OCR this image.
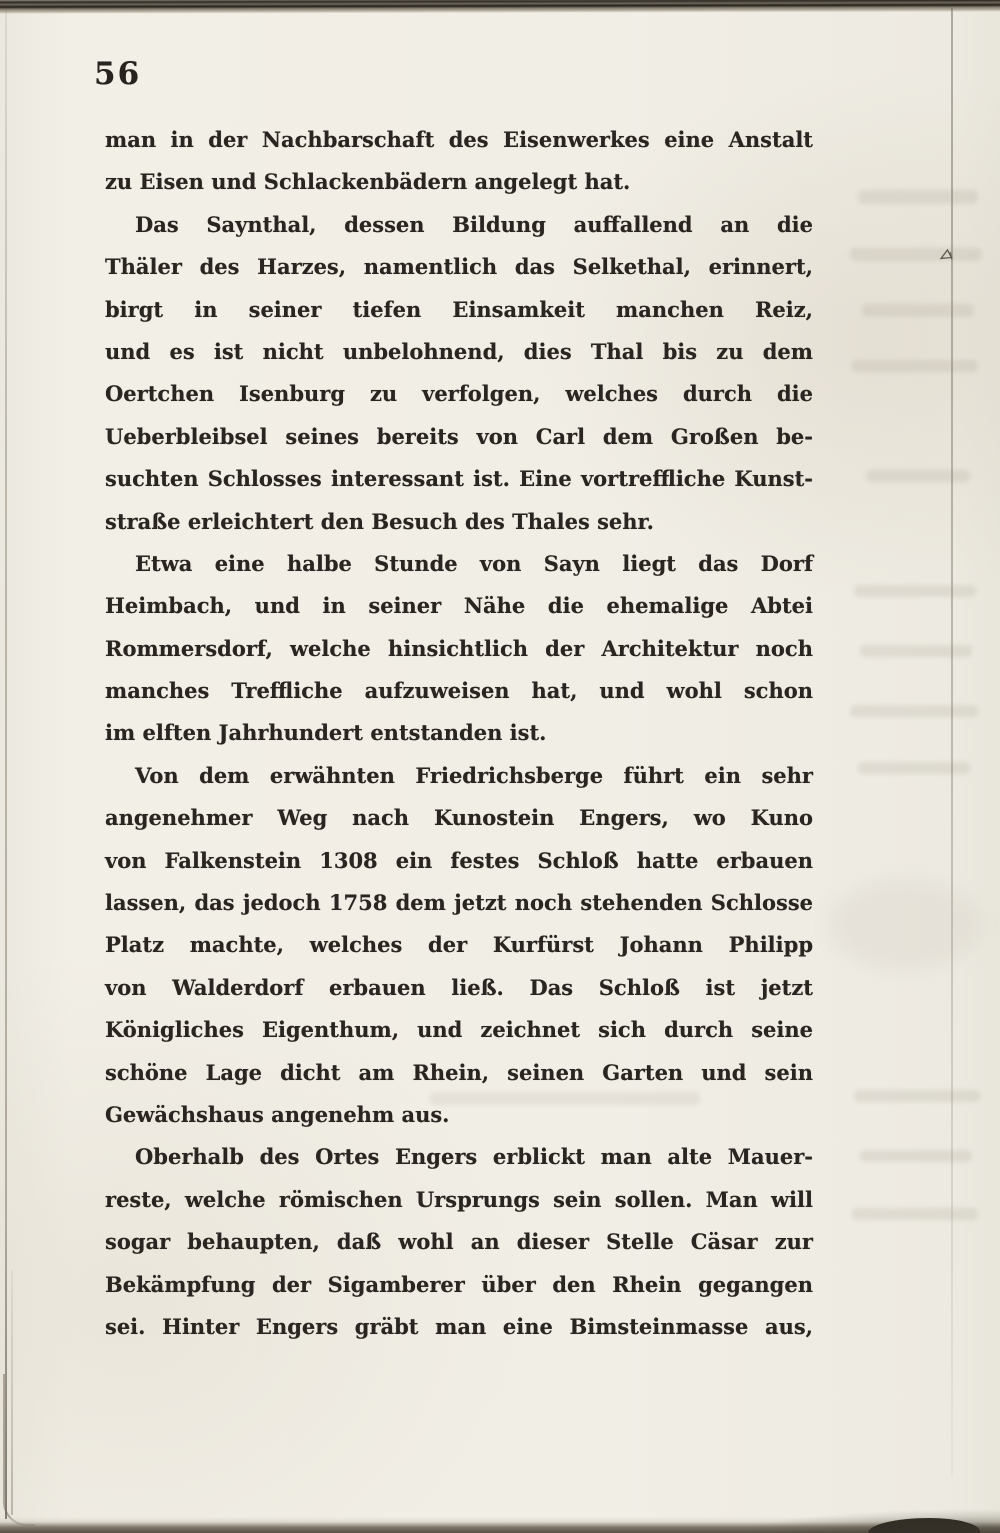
56
man in der Nachbarschaft des Eisenwerkes eine Anstalt
zu Eisen und Schlackenbädern angelegt hat.
Das Saynthal, dessen Bildung auffallend an die
Thäler des Harzes, namentlich das Selkethal, erinnert,
birgt in seiner tiefen Einsamkeit manchen Reiz,
und es ist nicht unbelohnend, dies Thal bis zu dem
Oertchen Isenburg zu verfolgen, welches durch die
Ueberbleibsel seines bereits von Carl dem Großen be-
suchten Schlosses interessant ist. Eine vortreffliche Kunst-
straße erleichtert den Besuch des Thales sehr.
Etwa eine halbe Stunde von Sayn liegt das Dorf
Heimbach, und in seiner Nähe die ehemalige Abtei
Rommersdorf, welche hinsichtlich der Architektur noch
manches Treffliche aufzuweisen hat, und wohl schon
im elften Jahrhundert entstanden ist.
Von dem erwähnten Friedrichsberge führt ein sehr
angenehmer Weg nach Kunostein Engers, wo Kuno
von Falkenstein 1308 ein festes Schloß hatte erbauen
lassen, das jedoch 1758 dem jetzt noch stehenden Schlosse
Platz machte, welches der Kurfürst Johann Philipp
von Walderdorf erbauen ließ. Das Schloß ist jetzt
Königliches Eigenthum, und zeichnet sich durch seine
schöne Lage dicht am Rhein, seinen Garten und sein
Gewächshaus angenehm aus.
Oberhalb des Ortes Engers erblickt man alte Mauer-
reste, welche römischen Ursprungs sein sollen. Man will
sogar behaupten, daß wohl an dieser Stelle Cäsar zur
Bekämpfung der Sigamberer über den Rhein gegangen
sei. Hinter Engers gräbt man eine Bimsteinmasse aus,
